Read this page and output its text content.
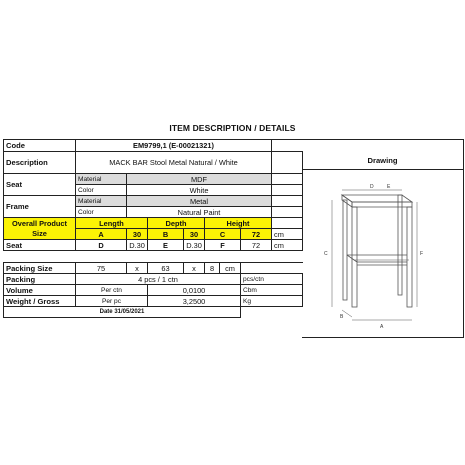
ITEM DESCRIPTION / DETAILS
Code	EM9799,1 (E-00021321)							
Description	MACK BAR Stool Metal Natural / White							
Seat	Material	MDF						
	Color	White						
Frame	Material	Metal						
	Color	Natural Paint						
Overall Product Size	Length		Depth		Height			
	A	30	B	30	C		72	cm
Seat	D	D.30	E	D.30	F		72	cm

Packing Size	75	x	63	x	8	cm		
Packing	4 pcs / 1 ctn						pcs/ctn	
Volume	Per ctn		0,0100				Cbm	
Weight / Gross	Per pc		3,2500				Kg	
Date 31/05/2021								
Drawing
D	E
C	F
A
B
